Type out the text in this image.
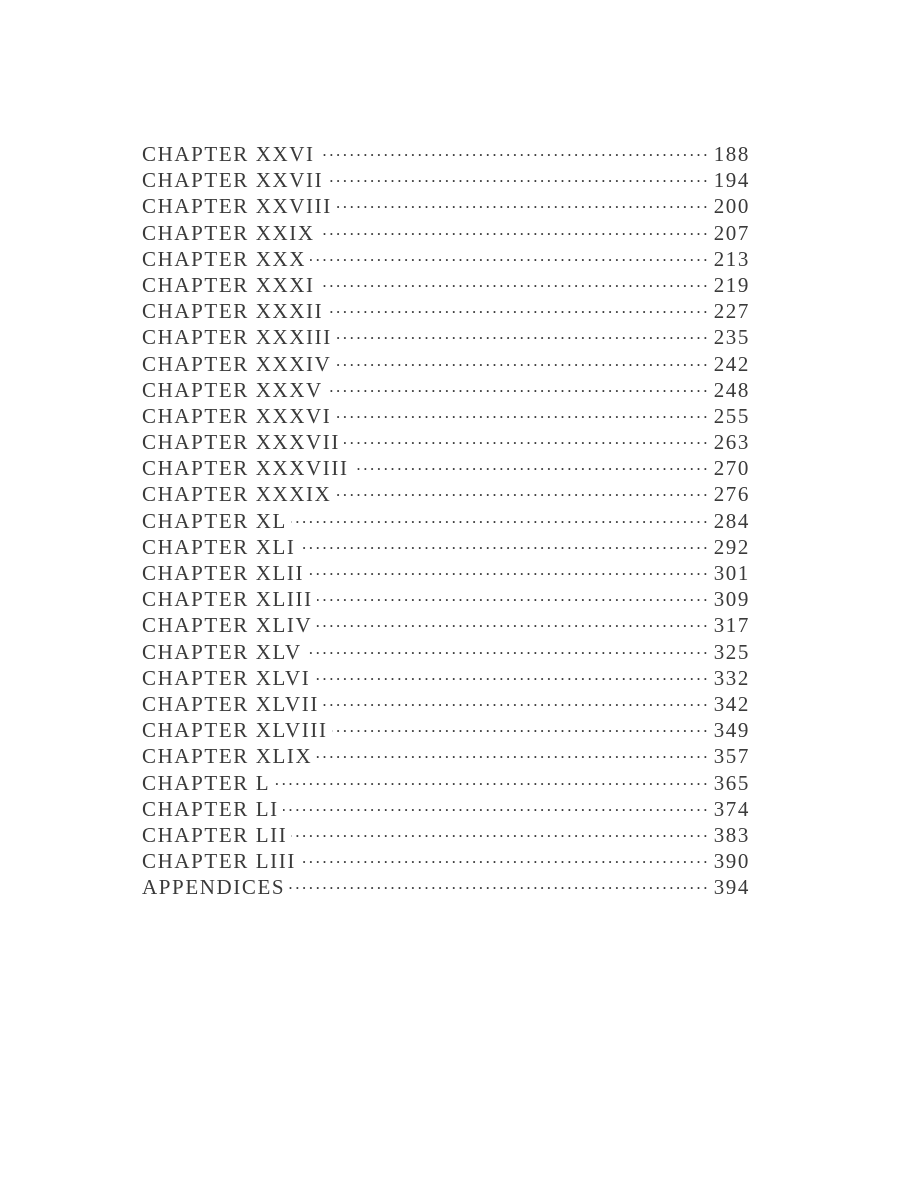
CHAPTER XXVI .....	188
CHAPTER XXVII .....	194
CHAPTER XXVIII .....	200
CHAPTER XXIX .....	207
CHAPTER XXX .....	213
CHAPTER XXXI .....	219
CHAPTER XXXII .....	227
CHAPTER XXXIII .....	235
CHAPTER XXXIV .....	242
CHAPTER XXXV .....	248
CHAPTER XXXVI .....	255
CHAPTER XXXVII .....	263
CHAPTER XXXVIII .....	270
CHAPTER XXXIX .....	276
CHAPTER XL .....	284
CHAPTER XLI .....	292
CHAPTER XLII .....	301
CHAPTER XLIII .....	309
CHAPTER XLIV .....	317
CHAPTER XLV .....	325
CHAPTER XLVI .....	332
CHAPTER XLVII .....	342
CHAPTER XLVIII .....	349
CHAPTER XLIX .....	357
CHAPTER L .....	365
CHAPTER LI .....	374
CHAPTER LII .....	383
CHAPTER LIII .....	390
APPENDICES .....	394
